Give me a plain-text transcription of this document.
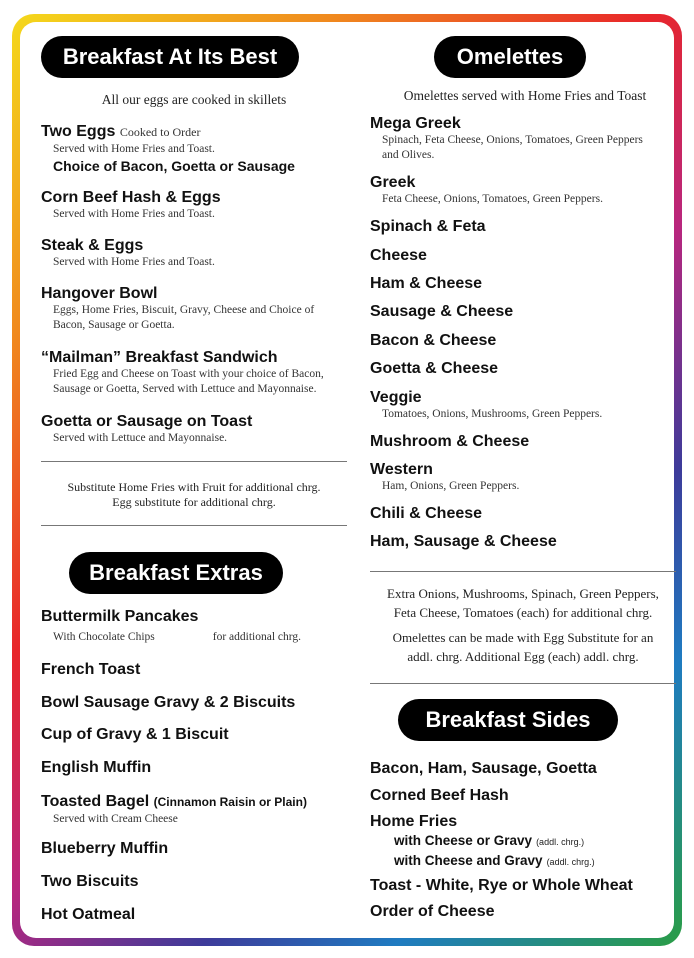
Breakfast At Its Best
All our eggs are cooked in skillets
Two Eggs Cooked to Order
Served with Home Fries and Toast.
Choice of Bacon, Goetta or Sausage
Corn Beef Hash & Eggs
Served with Home Fries and Toast.
Steak & Eggs
Served with Home Fries and Toast.
Hangover Bowl
Eggs, Home Fries, Biscuit, Gravy, Cheese and Choice of
Bacon, Sausage or Goetta.
“Mailman” Breakfast Sandwich
Fried Egg and Cheese on Toast with your choice of Bacon,
Sausage or Goetta, Served with Lettuce and Mayonnaise.
Goetta or Sausage on Toast
Served with Lettuce and Mayonnaise.
Substitute Home Fries with Fruit for additional chrg.
Egg substitute for additional chrg.
Breakfast Extras
Buttermilk Pancakes
With Chocolate Chips	for additional chrg.
French Toast
Bowl Sausage Gravy & 2 Biscuits
Cup of Gravy & 1 Biscuit
English Muffin
Toasted Bagel (Cinnamon Raisin or Plain)
Served with Cream Cheese
Blueberry Muffin
Two Biscuits
Hot Oatmeal
Omelettes
Omelettes served with Home Fries and Toast
Mega Greek
Spinach, Feta Cheese, Onions, Tomatoes, Green Peppers
and Olives.
Greek
Feta Cheese, Onions, Tomatoes, Green Peppers.
Spinach & Feta
Cheese
Ham & Cheese
Sausage & Cheese
Bacon & Cheese
Goetta & Cheese
Veggie
Tomatoes, Onions, Mushrooms, Green Peppers.
Mushroom & Cheese
Western
Ham, Onions, Green Peppers.
Chili & Cheese
Ham, Sausage & Cheese
Extra Onions, Mushrooms, Spinach, Green Peppers,
Feta Cheese, Tomatoes (each) for additional chrg.
Omelettes can be made with Egg Substitute for an
addl. chrg. Additional Egg (each) addl. chrg.
Breakfast Sides
Bacon, Ham, Sausage, Goetta
Corned Beef Hash
Home Fries
with Cheese or Gravy (addl. chrg.)
with Cheese and Gravy (addl. chrg.)
Toast - White, Rye or Whole Wheat
Order of Cheese
